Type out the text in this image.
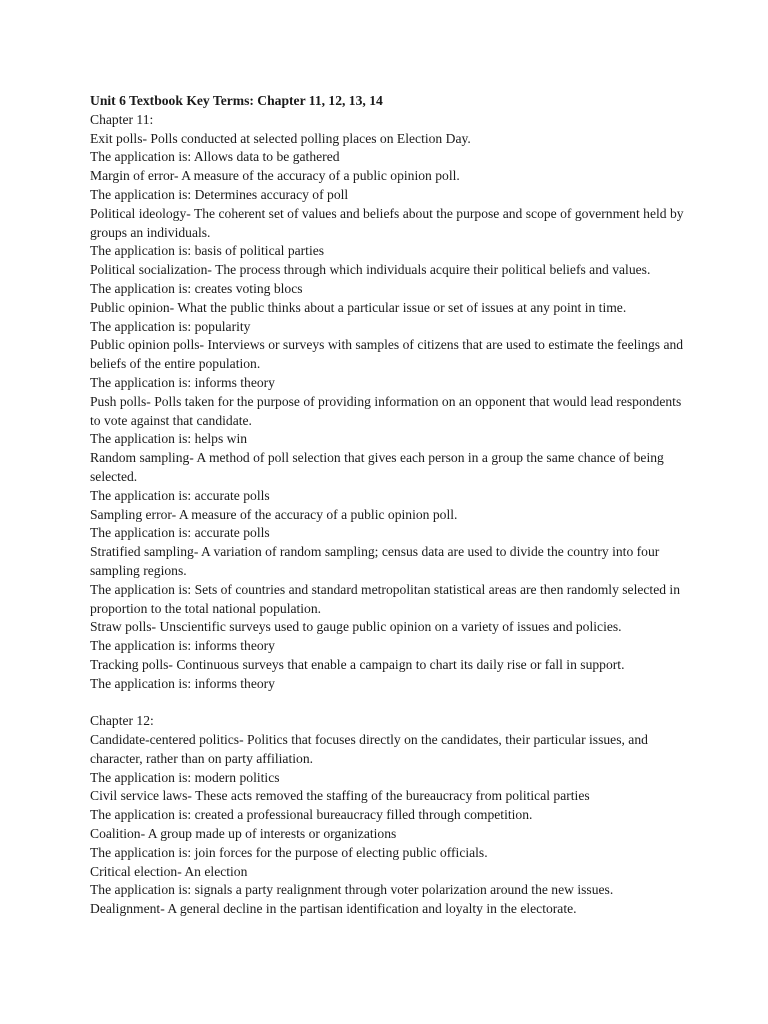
Unit 6 Textbook Key Terms: Chapter 11, 12, 13, 14

Chapter 11:

Exit polls- Polls conducted at selected polling places on Election Day.

The application is: Allows data to be gathered

Margin of error- A measure of the accuracy of a public opinion poll.

The application is: Determines accuracy of poll

Political ideology- The coherent set of values and beliefs about the purpose and scope of government held by groups an individuals.

The application is: basis of political parties

Political socialization- The process through which individuals acquire their political beliefs and values.

The application is: creates voting blocs

Public opinion- What the public thinks about a particular issue or set of issues at any point in time.

The application is: popularity

Public opinion polls- Interviews or surveys with samples of citizens that are used to estimate the feelings and beliefs of the entire population.

The application is: informs theory

Push polls- Polls taken for the purpose of providing information on an opponent that would lead respondents to vote against that candidate.

The application is: helps win

Random sampling- A method of poll selection that gives each person in a group the same chance of being selected.

The application is: accurate polls

Sampling error- A measure of the accuracy of a public opinion poll.

The application is: accurate polls

Stratified sampling- A variation of random sampling; census data are used to divide the country into four sampling regions.

The application is: Sets of countries and standard metropolitan statistical areas are then randomly selected in proportion to the total national population.

Straw polls- Unscientific surveys used to gauge public opinion on a variety of issues and policies.

The application is: informs theory

Tracking polls- Continuous surveys that enable a campaign to chart its daily rise or fall in support.

The application is: informs theory

Chapter 12:

Candidate-centered politics- Politics that focuses directly on the candidates, their particular issues, and character, rather than on party affiliation.

The application is: modern politics

Civil service laws- These acts removed the staffing of the bureaucracy from political parties

The application is: created a professional bureaucracy filled through competition.

Coalition- A group made up of interests or organizations

The application is: join forces for the purpose of electing public officials.

Critical election- An election

The application is: signals a party realignment through voter polarization around the new issues.

Dealignment- A general decline in the partisan identification and loyalty in the electorate.
